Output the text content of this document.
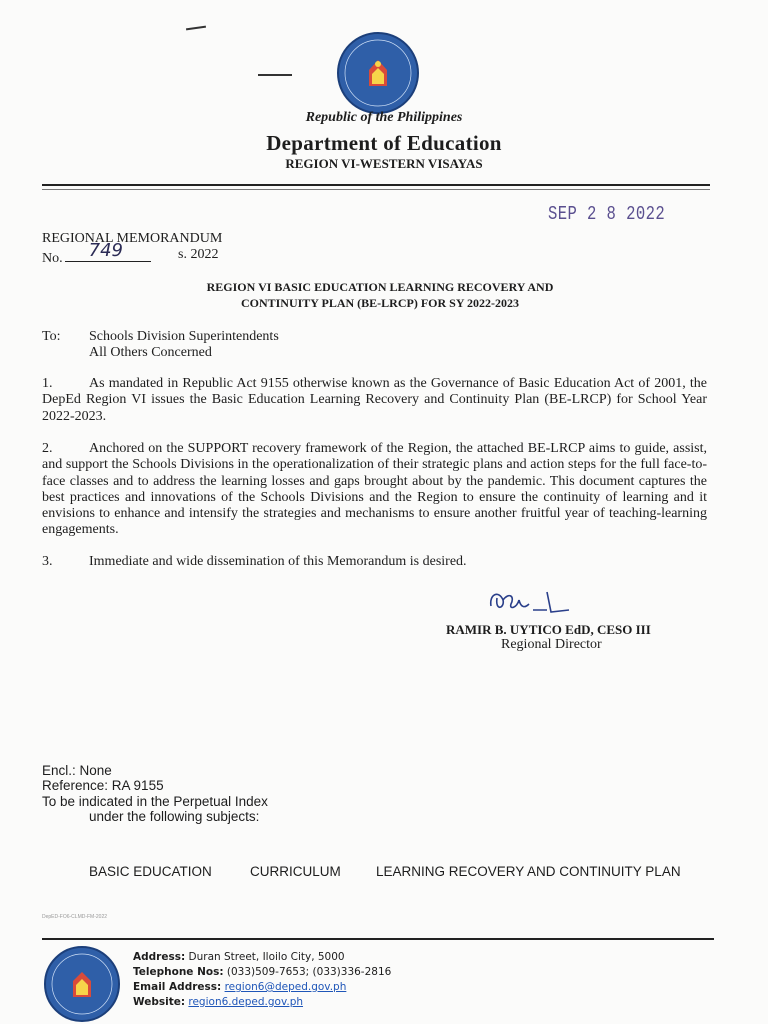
Republic of the Philippines
Department of Education
REGION VI-WESTERN VISAYAS
SEP 2 8 2022
REGIONAL MEMORANDUM
No. 749	s. 2022
REGION VI BASIC EDUCATION LEARNING RECOVERY AND
CONTINUITY PLAN (BE-LRCP) FOR SY 2022-2023
To: Schools Division Superintendents
All Others Concerned
1.	As mandated in Republic Act 9155 otherwise known as the Governance of Basic Education Act of 2001, the DepEd Region VI issues the Basic Education Learning Recovery and Continuity Plan (BE-LRCP) for School Year 2022-2023.
2.	Anchored on the SUPPORT recovery framework of the Region, the attached BE-LRCP aims to guide, assist, and support the Schools Divisions in the operationalization of their strategic plans and action steps for the full face-to-face classes and to address the learning losses and gaps brought about by the pandemic. This document captures the best practices and innovations of the Schools Divisions and the Region to ensure the continuity of learning and it envisions to enhance and intensify the strategies and mechanisms to ensure another fruitful year of teaching-learning engagements.
3.	Immediate and wide dissemination of this Memorandum is desired.
RAMIR B. UYTICO EdD, CESO III
Regional Director
Encl.: None
Reference: RA 9155
To be indicated in the Perpetual Index
under the following subjects:
BASIC EDUCATION	CURRICULUM	LEARNING RECOVERY AND CONTINUITY PLAN
DepED-FO6-CLMD-FM-2022
Address: Duran Street, Iloilo City, 5000
Telephone Nos: (033)509-7653; (033)336-2816
Email Address: region6@deped.gov.ph
Website: region6.deped.gov.ph
